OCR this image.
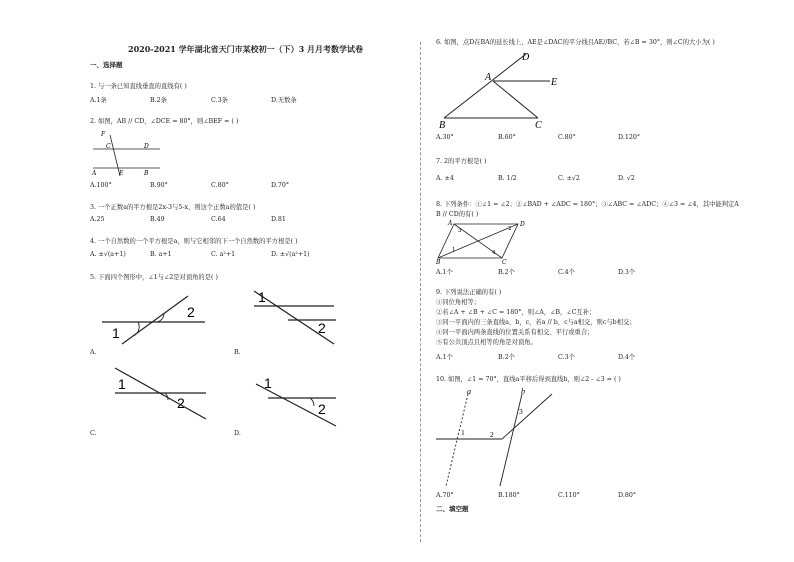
2020-2021 学年湖北省天门市某校初一（下）3 月月考数学试卷
一、选择题
1. 与一条已知直线垂直的直线有( )
A.1条	B.2条	C.3条	D.无数条
2. 如图，AB // CD，∠DCE = 80°，则∠BEF = ( )
F
C	D
A	E	B
A.100°	B.90°	C.80°	D.70°
3. 一个正数a的平方根是2x-3与5-x，则这个正数a的值是( )
A.25	B.49	C.64	D.81
4. 一个自然数的一个平方根是a，则与它相邻的下一个自然数的平方根是( )
A. ±√(a+1)	B. a+1	C. a²+1	D. ±√(a²+1)
5. 下面四个图形中，∠1与∠2是对顶角的是( )
2
1
A.
1
2
B.
1
2
C.
1
2
D.
6. 如图，点D在BA的延长线上，AE是∠DAC的平分线且AE//BC，若∠B = 30°，则∠C的大小为( )
D
A	E
B	C
A.30°	B.60°	C.80°	D.120°
7. 2的平方根是( )
A. ±4	B. 1/2	C. ±√2	D. √2
8. 下列条件：①∠1 = ∠2；②∠BAD + ∠ADC = 180°；③∠ABC = ∠ADC；④∠3 = ∠4，其中能判定A
B // CD的有( )
A	D
B	C
1
2
3
4
A.1个	B.2个	C.4个	D.3个
9. 下列说法正确的有( )
①同位角相等；
②若∠A + ∠B + ∠C = 180°，则∠A，∠B，∠C互补；
③同一平面内的三条直线a，b，c，若a // b，c与a相交，则c与b相交；
④同一平面内两条直线的位置关系有相交、平行或重合；
⑤有公共顶点且相等的角是对顶角。
A.1个	B.2个	C.3个	D.4个
10. 如图，∠1 = 70°，直线a平移后得到直线b，则∠2 - ∠3 = ( )
a	b
3
1	2
A.70°	B.180°	C.110°	D.80°
二、填空题
